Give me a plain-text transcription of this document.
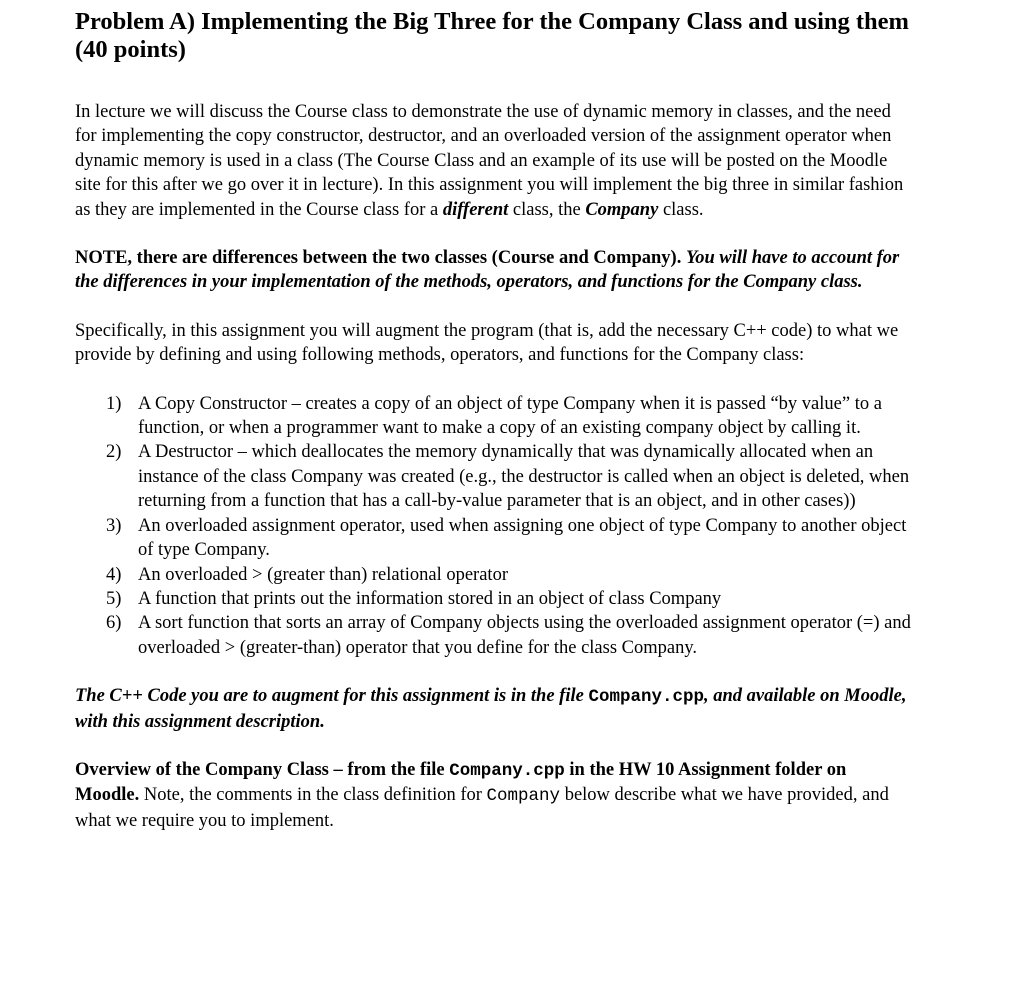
Problem A) Implementing the Big Three for the Company Class and using them (40 points)

In lecture we will discuss the Course class to demonstrate the use of dynamic memory in classes, and the need for implementing the copy constructor, destructor, and an overloaded version of the assignment operator when dynamic memory is used in a class (The Course Class and an example of its use will be posted on the Moodle site for this after we go over it in lecture). In this assignment you will implement the big three in similar fashion as they are implemented in the Course class for a different class, the Company class.

NOTE, there are differences between the two classes (Course and Company). You will have to account for the differences in your implementation of the methods, operators, and functions for the Company class.

Specifically, in this assignment you will augment the program (that is, add the necessary C++ code) to what we provide by defining and using following methods, operators, and functions for the Company class:

1) A Copy Constructor – creates a copy of an object of type Company when it is passed “by value” to a function, or when a programmer want to make a copy of an existing company object by calling it.
2) A Destructor – which deallocates the memory dynamically that was dynamically allocated when an instance of the class Company was created (e.g., the destructor is called when an object is deleted, when returning from a function that has a call-by-value parameter that is an object, and in other cases))
3) An overloaded assignment operator, used when assigning one object of type Company to another object of type Company.
4) An overloaded > (greater than) relational operator
5) A function that prints out the information stored in an object of class Company
6) A sort function that sorts an array of Company objects using the overloaded assignment operator (=) and overloaded > (greater-than) operator that you define for the class Company.

The C++ Code you are to augment for this assignment is in the file Company.cpp, and available on Moodle, with this assignment description.

Overview of the Company Class – from the file Company.cpp in the HW 10 Assignment folder on Moodle. Note, the comments in the class definition for Company below describe what we have provided, and what we require you to implement.
